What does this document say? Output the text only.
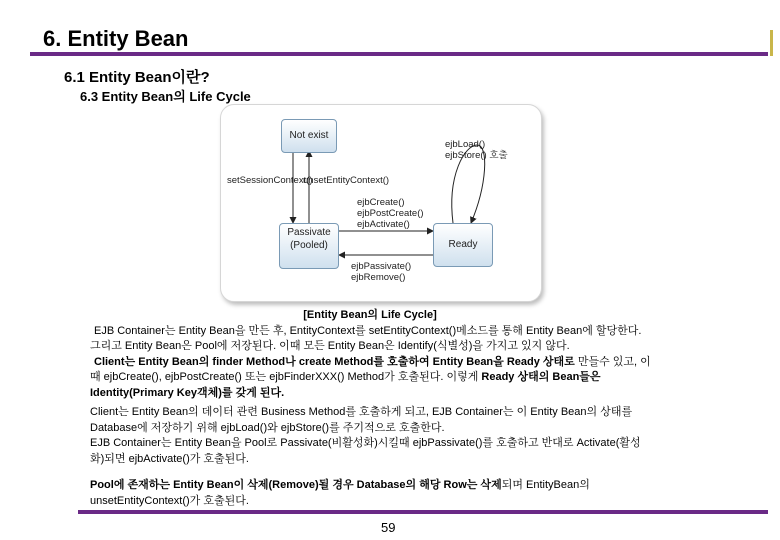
6. Entity Bean
6.1 Entity Bean이란?
6.3 Entity Bean의 Life Cycle
Not exist
Passivate (Pooled)	Ready
setSessionContext()
unsetEntityContext()
ejbLoad() ejbStore() 호출
ejbCreate() ejbPostCreate() ejbActivate()
ejbPassivate() ejbRemove()

[Entity Bean의 Life Cycle]

EJB Container는 Entity Bean을 만든 후, EntityContext를 setEntityContext()메소드를 통해 Entity Bean에 할당한다.

그리고 Entity Bean은 Pool에 저장된다. 이때 모든 Entity Bean은 Identify(식별성)을 가지고 있지 않다.

Client는 Entity Bean의 finder Method나 create Method를 호출하여 Entity Bean을 Ready 상태로 만들수 있고, 이

때 ejbCreate(), ejbPostCreate() 또는 ejbFinderXXX() Method가 호출된다. 이렇게 Ready 상태의 Bean들은

Identity(Primary Key객체)를 갖게 된다.

Client는 Entity Bean의 데이터 관련 Business Method를 호출하게 되고, EJB Container는 이 Entity Bean의 상태를

Database에 저장하기 위해 ejbLoad()와 ejbStore()를 주기적으로 호출한다.

EJB Container는 Entity Bean을 Pool로 Passivate(비활성화)시킬때 ejbPassivate()를 호출하고 반대로 Activate(활성

화)되면 ejbActivate()가 호출된다.

Pool에 존재하는 Entity Bean이 삭제(Remove)될 경우 Database의 해당 Row는 삭제되며 EntityBean의

unsetEntityContext()가 호출된다.

59
